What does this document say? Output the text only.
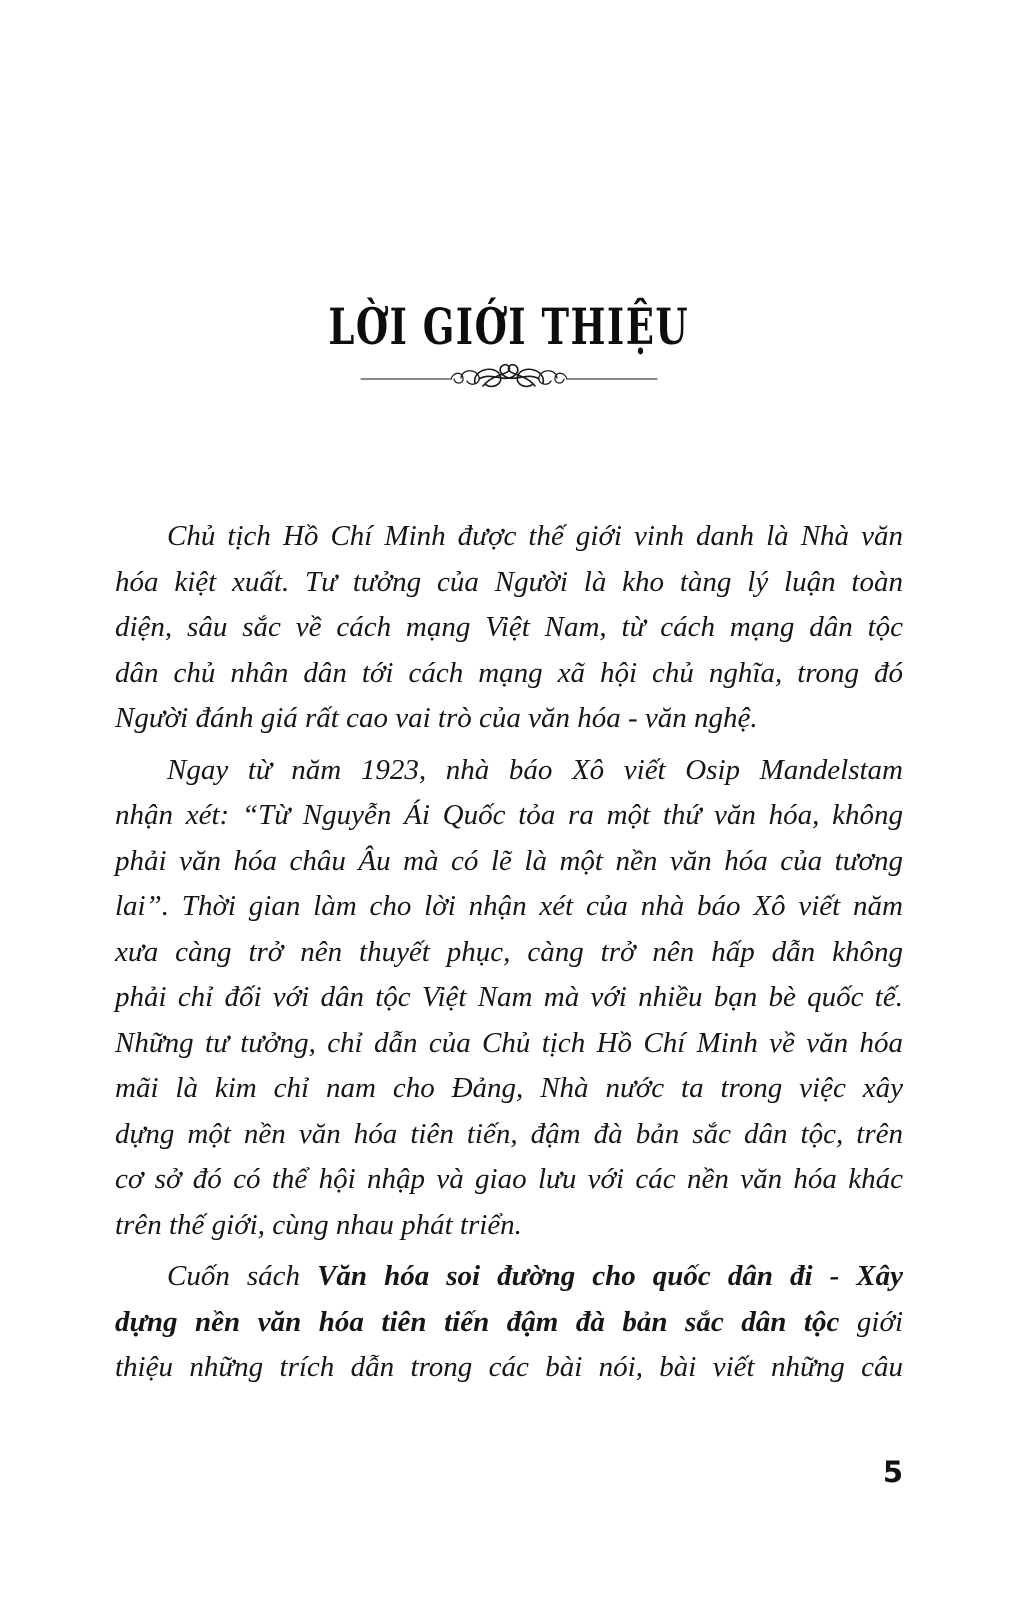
LỜI GIỚI THIỆU
Chủ tịch Hồ Chí Minh được thế giới vinh danh là Nhà văn
hóa kiệt xuất. Tư tưởng của Người là kho tàng lý luận toàn
diện, sâu sắc về cách mạng Việt Nam, từ cách mạng dân tộc
dân chủ nhân dân tới cách mạng xã hội chủ nghĩa, trong đó
Người đánh giá rất cao vai trò của văn hóa - văn nghệ.
Ngay từ năm 1923, nhà báo Xô viết Osip Mandelstam
nhận xét: “Từ Nguyễn Ái Quốc tỏa ra một thứ văn hóa, không
phải văn hóa châu Âu mà có lẽ là một nền văn hóa của tương
lai”. Thời gian làm cho lời nhận xét của nhà báo Xô viết năm
xưa càng trở nên thuyết phục, càng trở nên hấp dẫn không
phải chỉ đối với dân tộc Việt Nam mà với nhiều bạn bè quốc tế.
Những tư tưởng, chỉ dẫn của Chủ tịch Hồ Chí Minh về văn hóa
mãi là kim chỉ nam cho Đảng, Nhà nước ta trong việc xây
dựng một nền văn hóa tiên tiến, đậm đà bản sắc dân tộc, trên
cơ sở đó có thể hội nhập và giao lưu với các nền văn hóa khác
trên thế giới, cùng nhau phát triển.
Cuốn sách Văn hóa soi đường cho quốc dân đi - Xây
dựng nền văn hóa tiên tiến đậm đà bản sắc dân tộc giới
thiệu những trích dẫn trong các bài nói, bài viết những câu
5
